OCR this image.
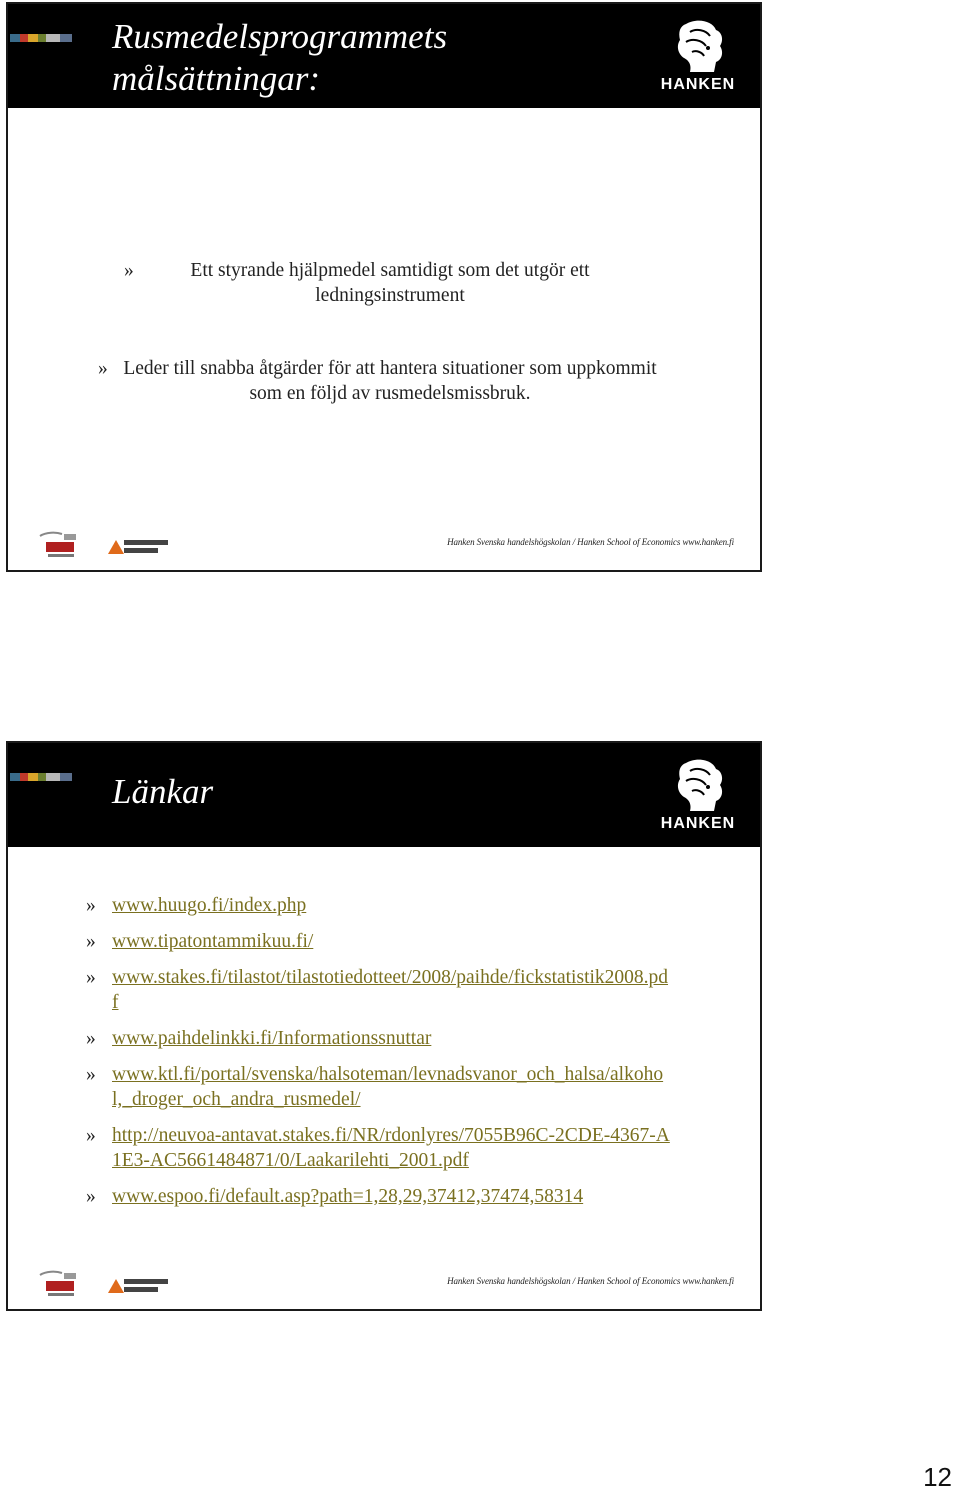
Rusmedelsprogrammets
målsättningar:	HANKEN
»	Ett styrande hjälpmedel samtidigt som det utgör ett ledningsinstrument
» Leder till snabba åtgärder för att hantera situationer som uppkommit som en följd av rusmedelsmissbruk.
Hanken Svenska handelshögskolan / Hanken School of Economics www.hanken.fi
Länkar
HANKEN
» www.huugo.fi/index.php
» www.tipatontammikuu.fi/
» www.stakes.fi/tilastot/tilastotiedotteet/2008/paihde/fickstatistik2008.pdf
» www.paihdelinkki.fi/Informationssnuttar
» www.ktl.fi/portal/svenska/halsoteman/levnadsvanor_och_halsa/alkohol,_droger_och_andra_rusmedel/
» http://neuvoa-antavat.stakes.fi/NR/rdonlyres/7055B96C-2CDE-4367-A1E3-AC5661484871/0/Laakarilehti_2001.pdf
» www.espoo.fi/default.asp?path=1,28,29,37412,37474,58314
Hanken Svenska handelshögskolan / Hanken School of Economics www.hanken.fi
12
